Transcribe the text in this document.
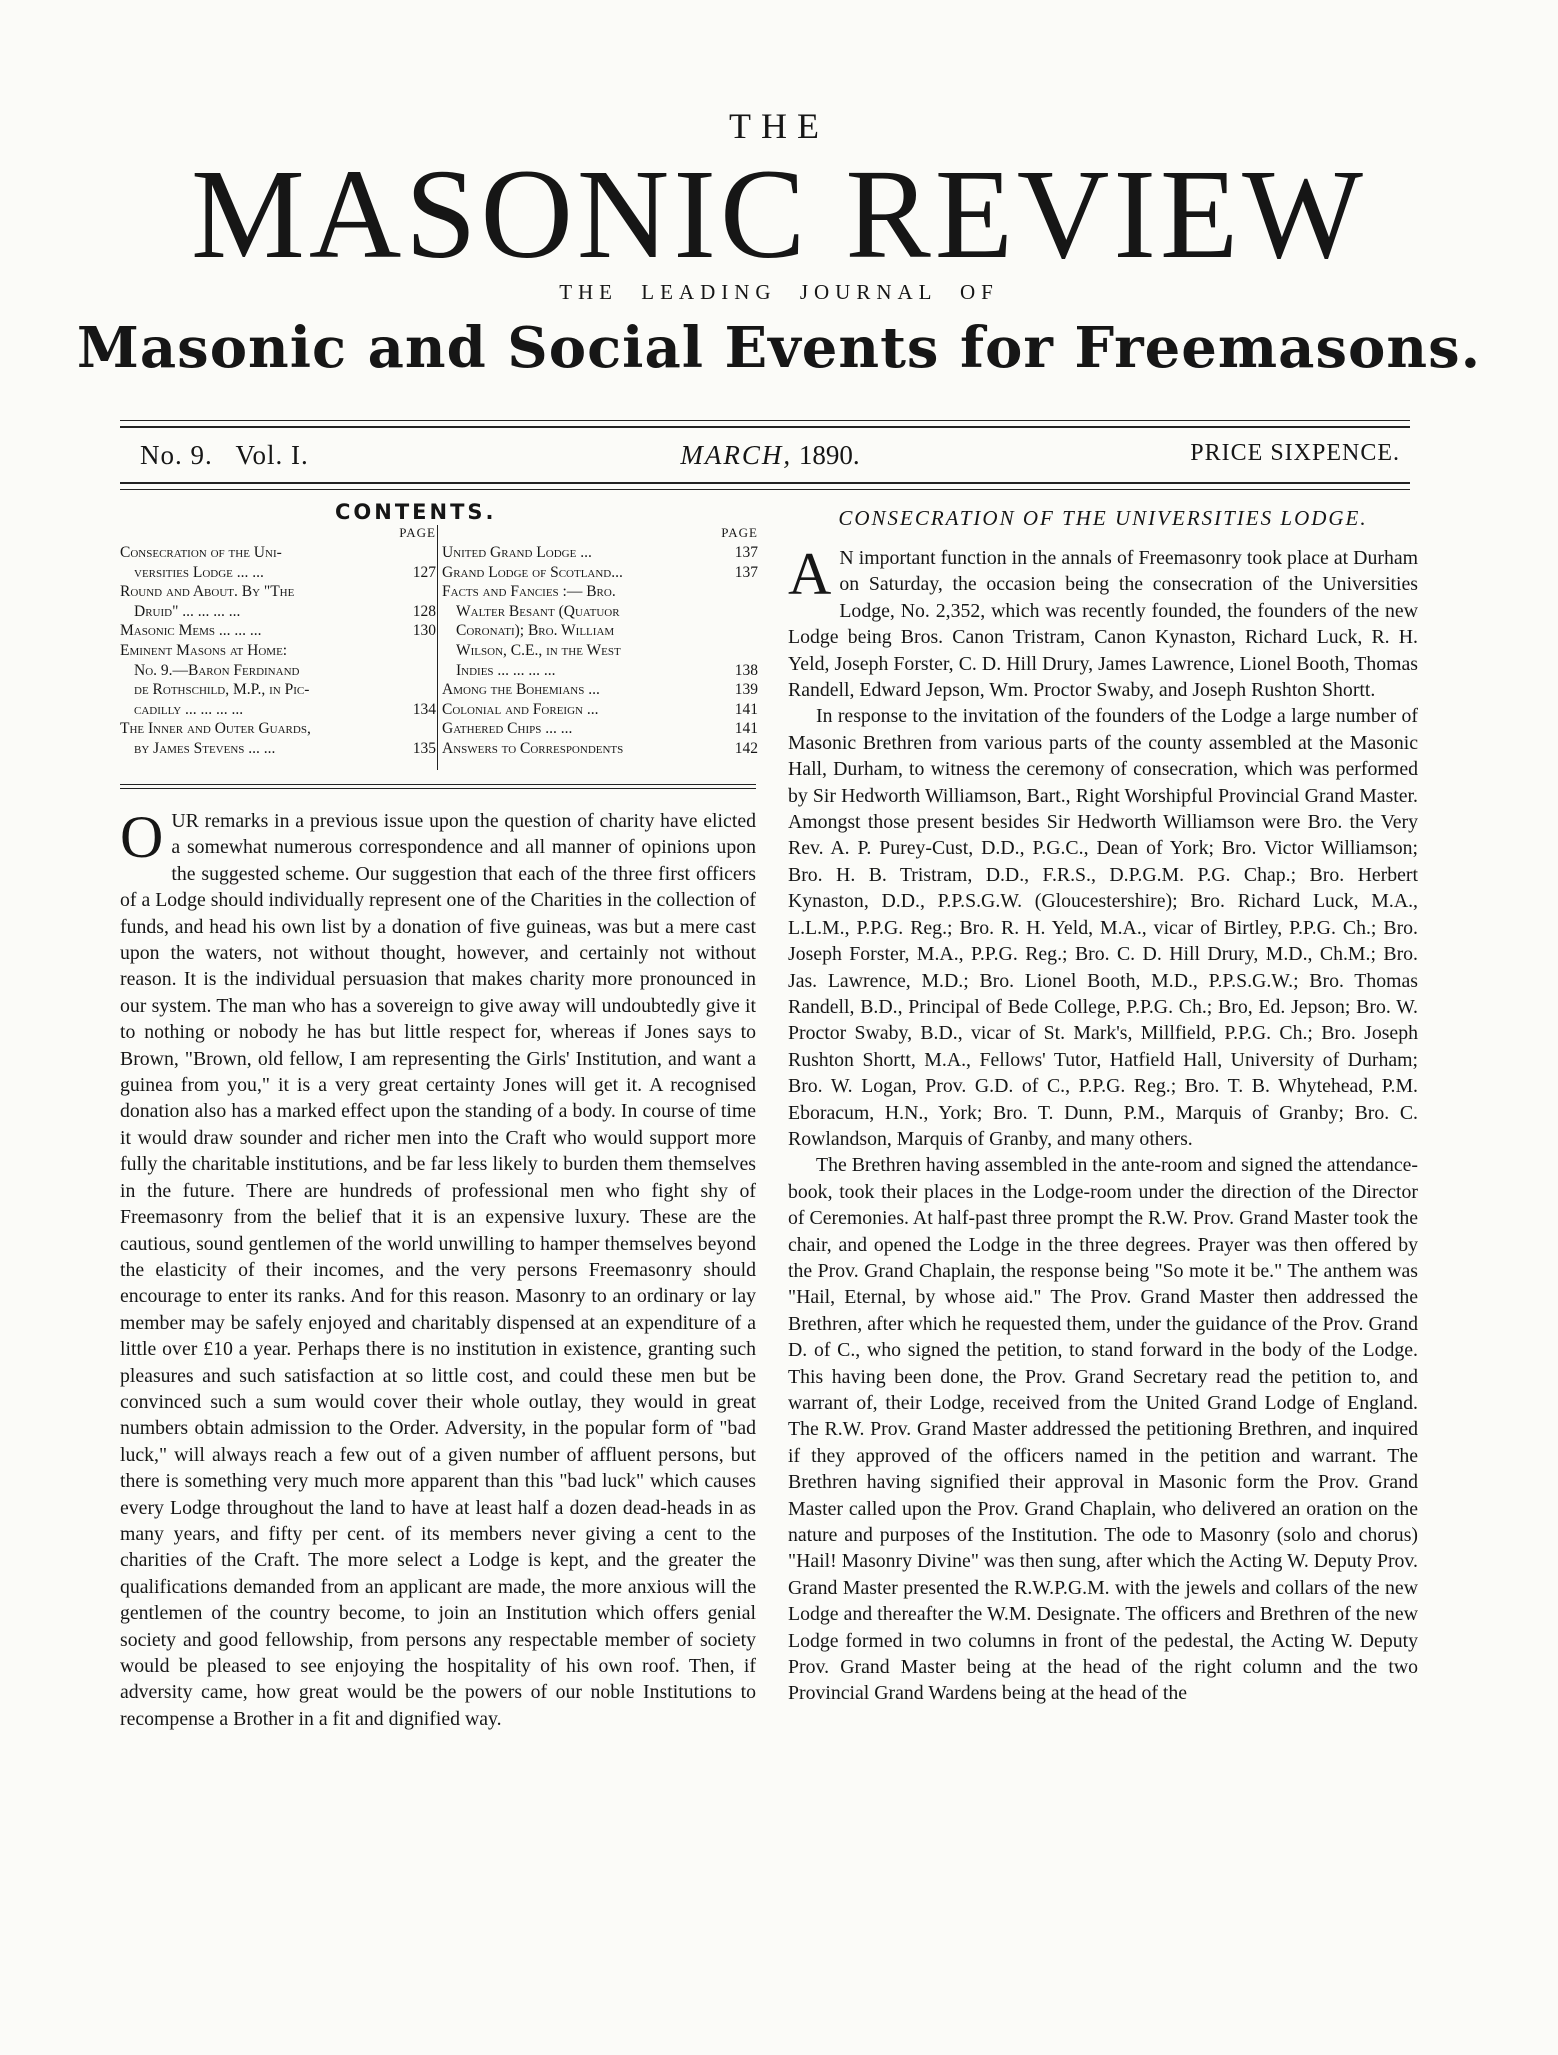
THE
MASONIC REVIEW
THE LEADING JOURNAL OF
Masonic and Social Events for Freemasons.
No. 9. Vol. I.	MARCH, 1890.	PRICE SIXPENCE.
CONTENTS.
PAGE
Consecration of the Uni-
versities Lodge ... ...	127
Round and About. By "The
Druid" ... ... ... ...	128
Masonic Mems ... ... ...	130
Eminent Masons at Home:
No. 9.—Baron Ferdinand
de Rothschild, M.P., in Pic-
cadilly ... ... ... ...	134
The Inner and Outer Guards,
by James Stevens ... ...	135
PAGE
United Grand Lodge ...	137
Grand Lodge of Scotland...	137
Facts and Fancies :— Bro.
Walter Besant (Quatuor
Coronati); Bro. William
Wilson, C.E., in the West
Indies ... ... ... ...	138
Among the Bohemians ...	139
Colonial and Foreign ...	141
Gathered Chips ... ...	141
Answers to Correspondents	142

OUR remarks in a previous issue upon the question of charity have elicted a somewhat numerous correspondence and all manner of opinions upon the suggested scheme. Our suggestion that each of the three first officers of a Lodge should individually represent one of the Charities in the collection of funds, and head his own list by a donation of five guineas, was but a mere cast upon the waters, not without thought, however, and certainly not without reason. It is the individual persuasion that makes charity more pronounced in our system. The man who has a sovereign to give away will undoubtedly give it to nothing or nobody he has but little respect for, whereas if Jones says to Brown, "Brown, old fellow, I am representing the Girls' Institution, and want a guinea from you," it is a very great certainty Jones will get it. A recognised donation also has a marked effect upon the standing of a body. In course of time it would draw sounder and richer men into the Craft who would support more fully the charitable institutions, and be far less likely to burden them themselves in the future. There are hundreds of professional men who fight shy of Freemasonry from the belief that it is an expensive luxury. These are the cautious, sound gentlemen of the world unwilling to hamper themselves beyond the elasticity of their incomes, and the very persons Freemasonry should encourage to enter its ranks. And for this reason. Masonry to an ordinary or lay member may be safely enjoyed and charitably dispensed at an expenditure of a little over £10 a year. Perhaps there is no institution in existence, granting such pleasures and such satisfaction at so little cost, and could these men but be convinced such a sum would cover their whole outlay, they would in great numbers obtain admission to the Order. Adversity, in the popular form of "bad luck," will always reach a few out of a given number of affluent persons, but there is something very much more apparent than this "bad luck" which causes every Lodge throughout the land to have at least half a dozen dead-heads in as many years, and fifty per cent. of its members never giving a cent to the charities of the Craft. The more select a Lodge is kept, and the greater the qualifications demanded from an applicant are made, the more anxious will the gentlemen of the country become, to join an Institution which offers genial society and good fellowship, from persons any respectable member of society would be pleased to see enjoying the hospitality of his own roof. Then, if adversity came, how great would be the powers of our noble Institutions to recompense a Brother in a fit and dignified way.

CONSECRATION OF THE UNIVERSITIES LODGE.

A N important function in the annals of Freemasonry took place at Durham on Saturday, the occasion being the consecration of the Universities Lodge, No. 2,352, which was recently founded, the founders of the new Lodge being Bros. Canon Tristram, Canon Kynaston, Richard Luck, R. H. Yeld, Joseph Forster, C. D. Hill Drury, James Lawrence, Lionel Booth, Thomas Randell, Edward Jepson, Wm. Proctor Swaby, and Joseph Rushton Shortt.

In response to the invitation of the founders of the Lodge a large number of Masonic Brethren from various parts of the county assembled at the Masonic Hall, Durham, to witness the ceremony of consecration, which was performed by Sir Hedworth Williamson, Bart., Right Worshipful Provincial Grand Master. Amongst those present besides Sir Hedworth Williamson were Bro. the Very Rev. A. P. Purey-Cust, D.D., P.G.C., Dean of York; Bro. Victor Williamson; Bro. H. B. Tristram, D.D., F.R.S., D.P.G.M. P.G. Chap.; Bro. Herbert Kynaston, D.D., P.P.S.G.W. (Gloucestershire); Bro. Richard Luck, M.A., L.L.M., P.P.G. Reg.; Bro. R. H. Yeld, M.A., vicar of Birtley, P.P.G. Ch.; Bro. Joseph Forster, M.A., P.P.G. Reg.; Bro. C. D. Hill Drury, M.D., Ch.M.; Bro. Jas. Lawrence, M.D.; Bro. Lionel Booth, M.D., P.P.S.G.W.; Bro. Thomas Randell, B.D., Principal of Bede College, P.P.G. Ch.; Bro, Ed. Jepson; Bro. W. Proctor Swaby, B.D., vicar of St. Mark's, Millfield, P.P.G. Ch.; Bro. Joseph Rushton Shortt, M.A., Fellows' Tutor, Hatfield Hall, University of Durham; Bro. W. Logan, Prov. G.D. of C., P.P.G. Reg.; Bro. T. B. Whytehead, P.M. Eboracum, H.N., York; Bro. T. Dunn, P.M., Marquis of Granby; Bro. C. Rowlandson, Marquis of Granby, and many others.

The Brethren having assembled in the ante-room and signed the attendance-book, took their places in the Lodge-room under the direction of the Director of Ceremonies. At half-past three prompt the R.W. Prov. Grand Master took the chair, and opened the Lodge in the three degrees. Prayer was then offered by the Prov. Grand Chaplain, the response being "So mote it be." The anthem was "Hail, Eternal, by whose aid." The Prov. Grand Master then addressed the Brethren, after which he requested them, under the guidance of the Prov. Grand D. of C., who signed the petition, to stand forward in the body of the Lodge. This having been done, the Prov. Grand Secretary read the petition to, and warrant of, their Lodge, received from the United Grand Lodge of England. The R.W. Prov. Grand Master addressed the petitioning Brethren, and inquired if they approved of the officers named in the petition and warrant. The Brethren having signified their approval in Masonic form the Prov. Grand Master called upon the Prov. Grand Chaplain, who delivered an oration on the nature and purposes of the Institution. The ode to Masonry (solo and chorus) "Hail! Masonry Divine" was then sung, after which the Acting W. Deputy Prov. Grand Master presented the R.W.P.G.M. with the jewels and collars of the new Lodge and thereafter the W.M. Designate. The officers and Brethren of the new Lodge formed in two columns in front of the pedestal, the Acting W. Deputy Prov. Grand Master being at the head of the right column and the two Provincial Grand Wardens being at the head of the
